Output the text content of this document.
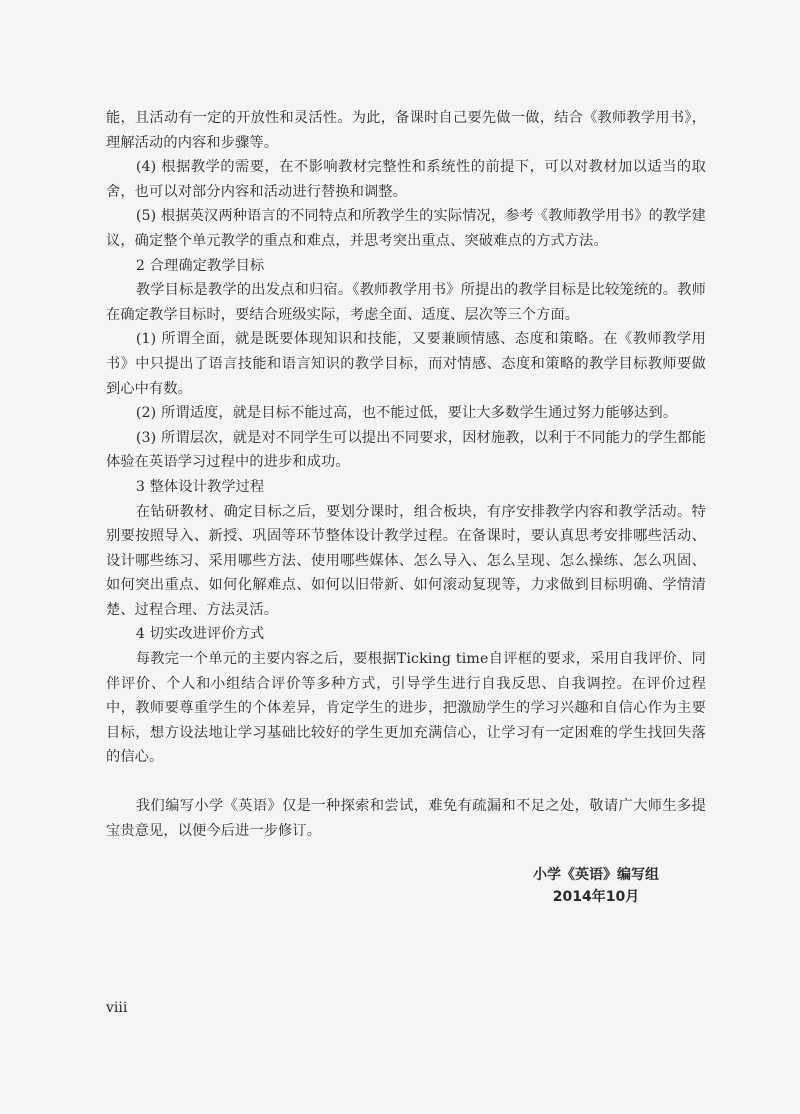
能，且活动有一定的开放性和灵活性。为此，备课时自己要先做一做，结合《教师教学用书》，理解活动的内容和步骤等。

(4) 根据教学的需要，在不影响教材完整性和系统性的前提下，可以对教材加以适当的取舍，也可以对部分内容和活动进行替换和调整。

(5) 根据英汉两种语言的不同特点和所教学生的实际情况，参考《教师教学用书》的教学建议，确定整个单元教学的重点和难点，并思考突出重点、突破难点的方式方法。

2 合理确定教学目标

教学目标是教学的出发点和归宿。《教师教学用书》所提出的教学目标是比较笼统的。教师在确定教学目标时，要结合班级实际，考虑全面、适度、层次等三个方面。

(1) 所谓全面，就是既要体现知识和技能，又要兼顾情感、态度和策略。在《教师教学用书》中只提出了语言技能和语言知识的教学目标，而对情感、态度和策略的教学目标教师要做到心中有数。

(2) 所谓适度，就是目标不能过高，也不能过低，要让大多数学生通过努力能够达到。

(3) 所谓层次，就是对不同学生可以提出不同要求，因材施教，以利于不同能力的学生都能体验在英语学习过程中的进步和成功。

3 整体设计教学过程

在钻研教材、确定目标之后，要划分课时，组合板块，有序安排教学内容和教学活动。特别要按照导入、新授、巩固等环节整体设计教学过程。在备课时，要认真思考安排哪些活动、设计哪些练习、采用哪些方法、使用哪些媒体、怎么导入、怎么呈现、怎么操练、怎么巩固、如何突出重点、如何化解难点、如何以旧带新、如何滚动复现等，力求做到目标明确、学情清楚、过程合理、方法灵活。

4 切实改进评价方式

每教完一个单元的主要内容之后，要根据Ticking time自评框的要求，采用自我评价、同伴评价、个人和小组结合评价等多种方式，引导学生进行自我反思、自我调控。在评价过程中，教师要尊重学生的个体差异，肯定学生的进步，把激励学生的学习兴趣和自信心作为主要目标，想方设法地让学习基础比较好的学生更加充满信心，让学习有一定困难的学生找回失落的信心。

我们编写小学《英语》仅是一种探索和尝试，难免有疏漏和不足之处，敬请广大师生多提宝贵意见，以便今后进一步修订。

小学《英语》编写组
2014年10月
viii
